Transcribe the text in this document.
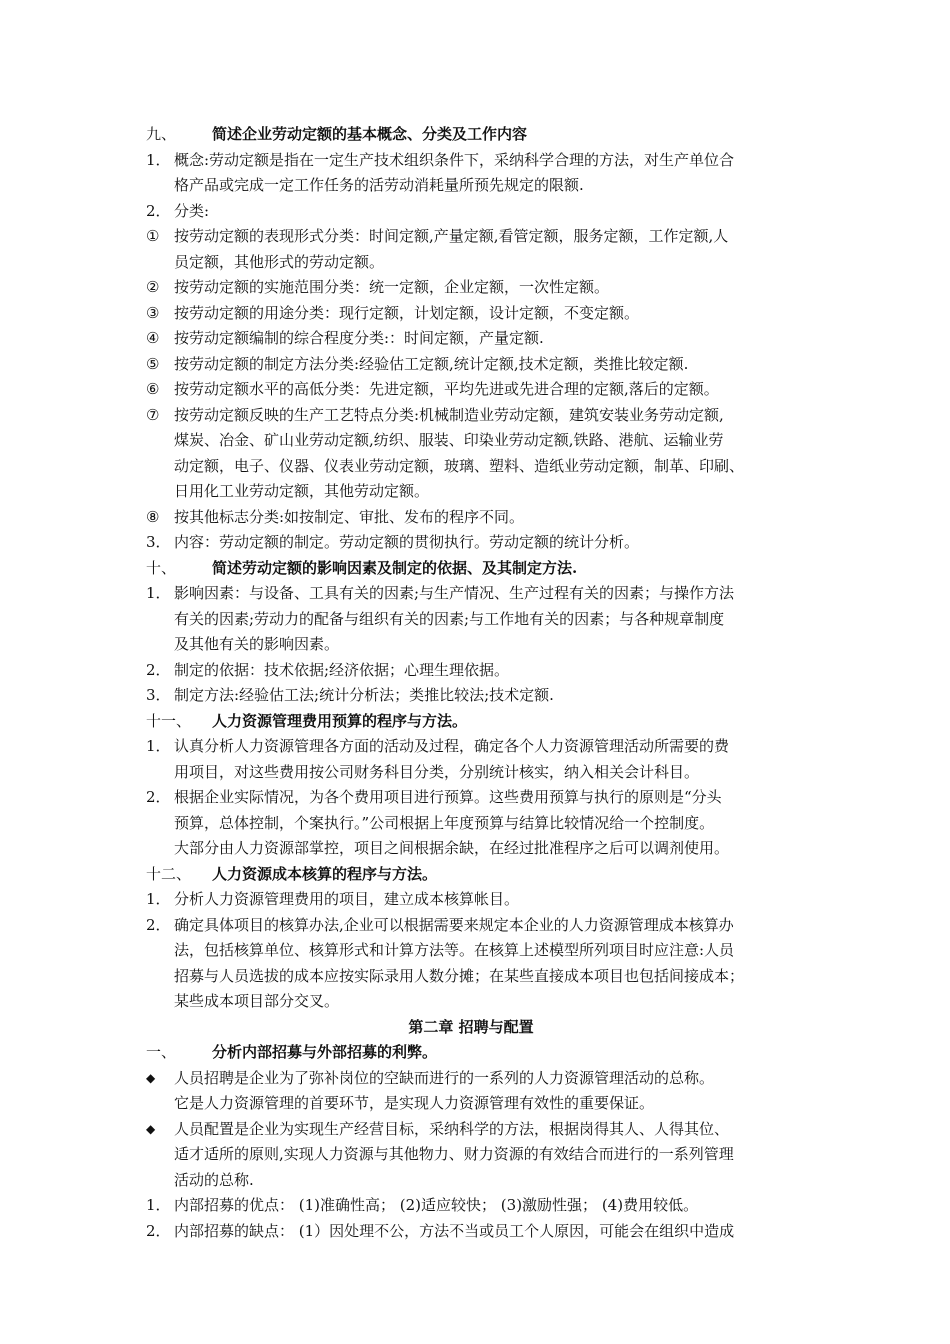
九、 简述企业劳动定额的基本概念、分类及工作内容
1． 概念:劳动定额是指在一定生产技术组织条件下，采纳科学合理的方法，对生产单位合
格产品或完成一定工作任务的活劳动消耗量所预先规定的限额.
2． 分类:
① 按劳动定额的表现形式分类：时间定额,产量定额,看管定额，服务定额，工作定额,人
员定额，其他形式的劳动定额。
② 按劳动定额的实施范围分类：统一定额，企业定额，一次性定额。
③ 按劳动定额的用途分类：现行定额，计划定额，设计定额，不变定额。
④ 按劳动定额编制的综合程度分类:：时间定额，产量定额.
⑤ 按劳动定额的制定方法分类:经验估工定额,统计定额,技术定额，类推比较定额.
⑥ 按劳动定额水平的高低分类：先进定额，平均先进或先进合理的定额,落后的定额。
⑦ 按劳动定额反映的生产工艺特点分类:机械制造业劳动定额，建筑安装业务劳动定额,
煤炭、冶金、矿山业劳动定额,纺织、服装、印染业劳动定额,铁路、港航、运输业劳
动定额，电子、仪器、仪表业劳动定额，玻璃、塑料、造纸业劳动定额，制革、印刷、
日用化工业劳动定额，其他劳动定额。
⑧ 按其他标志分类:如按制定、审批、发布的程序不同。
3． 内容：劳动定额的制定。劳动定额的贯彻执行。劳动定额的统计分析。
十、 简述劳动定额的影响因素及制定的依据、及其制定方法.
1． 影响因素：与设备、工具有关的因素;与生产情况、生产过程有关的因素；与操作方法
有关的因素;劳动力的配备与组织有关的因素;与工作地有关的因素；与各种规章制度
及其他有关的影响因素。
2． 制定的依据：技术依据;经济依据；心理生理依据。
3． 制定方法:经验估工法;统计分析法；类推比较法;技术定额.
十一、 人力资源管理费用预算的程序与方法。
1． 认真分析人力资源管理各方面的活动及过程，确定各个人力资源管理活动所需要的费
用项目，对这些费用按公司财务科目分类，分别统计核实，纳入相关会计科目。
2． 根据企业实际情况，为各个费用项目进行预算。这些费用预算与执行的原则是“分头
预算，总体控制，个案执行。”公司根据上年度预算与结算比较情况给一个控制度。
大部分由人力资源部掌控，项目之间根据余缺，在经过批准程序之后可以调剂使用。
十二、 人力资源成本核算的程序与方法。
1． 分析人力资源管理费用的项目，建立成本核算帐目。
2． 确定具体项目的核算办法,企业可以根据需要来规定本企业的人力资源管理成本核算办
法，包括核算单位、核算形式和计算方法等。在核算上述模型所列项目时应注意:人员
招募与人员选拔的成本应按实际录用人数分摊；在某些直接成本项目也包括间接成本；
某些成本项目部分交叉。
第二章 招聘与配置
一、 分析内部招募与外部招募的利弊。
◆ 人员招聘是企业为了弥补岗位的空缺而进行的一系列的人力资源管理活动的总称。
它是人力资源管理的首要环节，是实现人力资源管理有效性的重要保证。
◆ 人员配置是企业为实现生产经营目标，采纳科学的方法，根据岗得其人、人得其位、
适才适所的原则,实现人力资源与其他物力、财力资源的有效结合而进行的一系列管理
活动的总称.
1． 内部招募的优点： (1)准确性高； (2)适应较快； (3)激励性强； (4)费用较低。
2． 内部招募的缺点： (1）因处理不公，方法不当或员工个人原因，可能会在组织中造成
